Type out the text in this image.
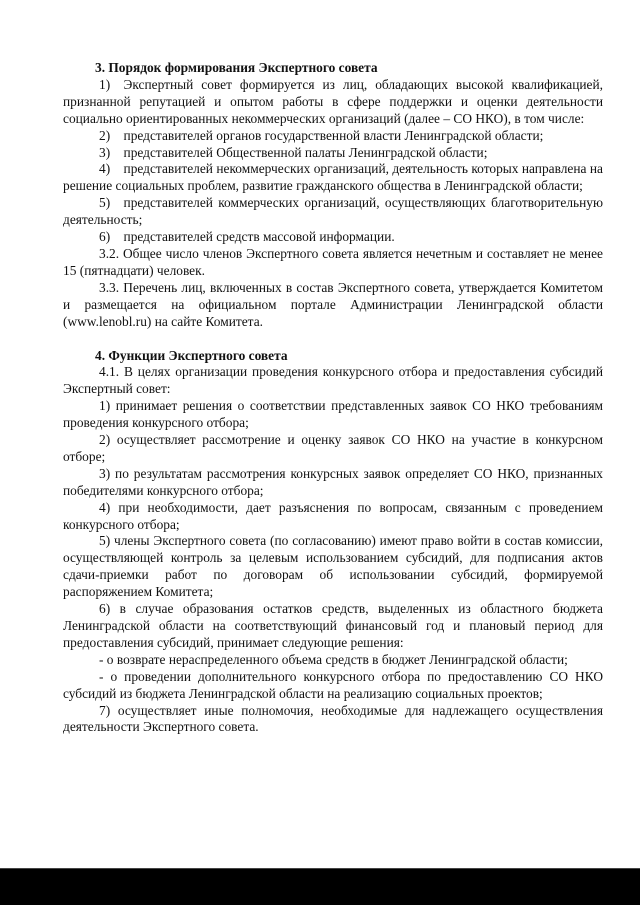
3. Порядок формирования Экспертного совета

1) Экспертный совет формируется из лиц, обладающих высокой квалификацией, признанной репутацией и опытом работы в сфере поддержки и оценки деятельности социально ориентированных некоммерческих организаций (далее – СО НКО), в том числе:

2) представителей органов государственной власти Ленинградской области;

3) представителей Общественной палаты Ленинградской области;

4) представителей некоммерческих организаций, деятельность которых направлена на решение социальных проблем, развитие гражданского общества в Ленинградской области;

5) представителей коммерческих организаций, осуществляющих благотворительную деятельность;

6) представителей средств массовой информации.

3.2. Общее число членов Экспертного совета является нечетным и составляет не менее 15 (пятнадцати) человек.

3.3. Перечень лиц, включенных в состав Экспертного совета, утверждается Комитетом и размещается на официальном портале Администрации Ленинградской области (www.lenobl.ru) на сайте Комитета.

4. Функции Экспертного совета

4.1. В целях организации проведения конкурсного отбора и предоставления субсидий Экспертный совет:

1) принимает решения о соответствии представленных заявок СО НКО требованиям проведения конкурсного отбора;

2) осуществляет рассмотрение и оценку заявок СО НКО на участие в конкурсном отборе;

3) по результатам рассмотрения конкурсных заявок определяет СО НКО, признанных победителями конкурсного отбора;

4) при необходимости, дает разъяснения по вопросам, связанным с проведением конкурсного отбора;

5) члены Экспертного совета (по согласованию) имеют право войти в состав комиссии, осуществляющей контроль за целевым использованием субсидий, для подписания актов сдачи-приемки работ по договорам об использовании субсидий, формируемой распоряжением Комитета;

6) в случае образования остатков средств, выделенных из областного бюджета Ленинградской области на соответствующий финансовый год и плановый период для предоставления субсидий, принимает следующие решения:

- о возврате нераспределенного объема средств в бюджет Ленинградской области;

- о проведении дополнительного конкурсного отбора по предоставлению СО НКО субсидий из бюджета Ленинградской области на реализацию социальных проектов;

7) осуществляет иные полномочия, необходимые для надлежащего осуществления деятельности Экспертного совета.
